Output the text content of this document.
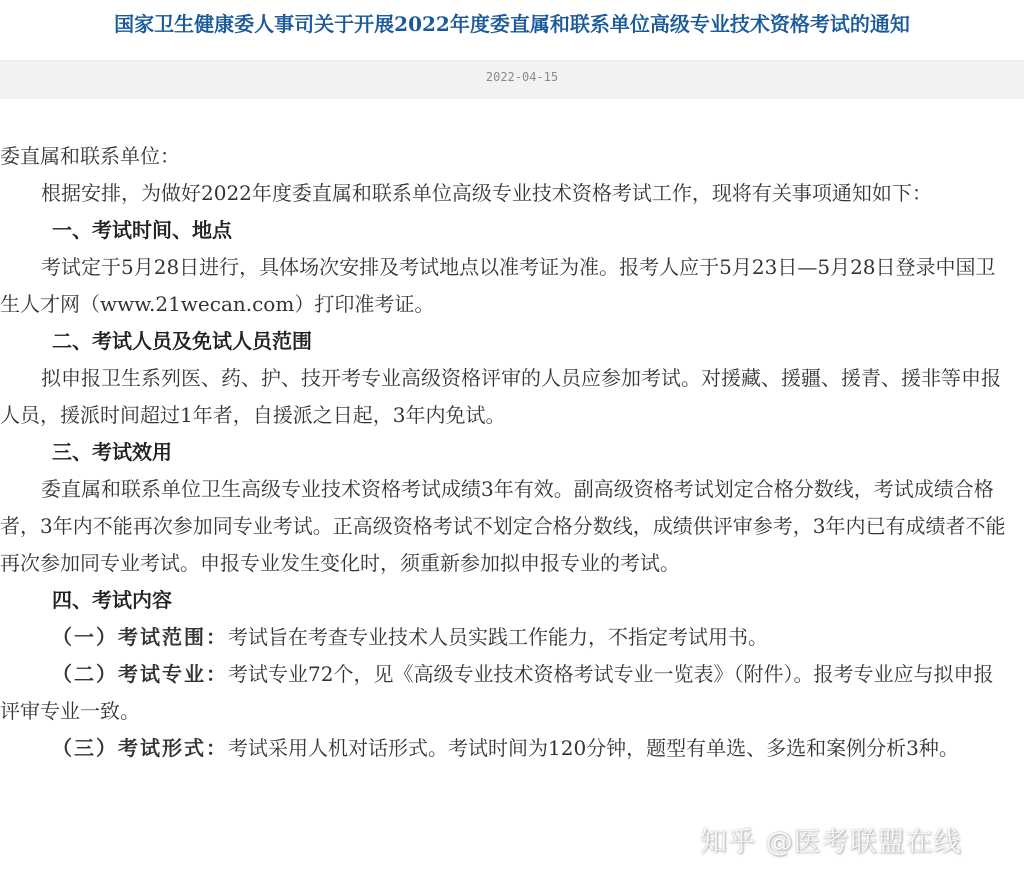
国家卫生健康委人事司关于开展2022年度委直属和联系单位高级专业技术资格考试的通知
2022-04-15

委直属和联系单位：

根据安排，为做好2022年度委直属和联系单位高级专业技术资格考试工作，现将有关事项通知如下：

一、考试时间、地点

考试定于5月28日进行，具体场次安排及考试地点以准考证为准。报考人应于5月23日—5月28日登录中国卫生人才网（www.21wecan.com）打印准考证。

二、考试人员及免试人员范围

拟申报卫生系列医、药、护、技开考专业高级资格评审的人员应参加考试。对援藏、援疆、援青、援非等申报人员，援派时间超过1年者，自援派之日起，3年内免试。

三、考试效用

委直属和联系单位卫生高级专业技术资格考试成绩3年有效。副高级资格考试划定合格分数线，考试成绩合格者，3年内不能再次参加同专业考试。正高级资格考试不划定合格分数线，成绩供评审参考，3年内已有成绩者不能再次参加同专业考试。申报专业发生变化时，须重新参加拟申报专业的考试。

四、考试内容

（一）考试范围：考试旨在考查专业技术人员实践工作能力，不指定考试用书。

（二）考试专业：考试专业72个，见《高级专业技术资格考试专业一览表》（附件）。报考专业应与拟申报评审专业一致。

（三）考试形式：考试采用人机对话形式。考试时间为120分钟，题型有单选、多选和案例分析3种。

知乎 @医考联盟在线
